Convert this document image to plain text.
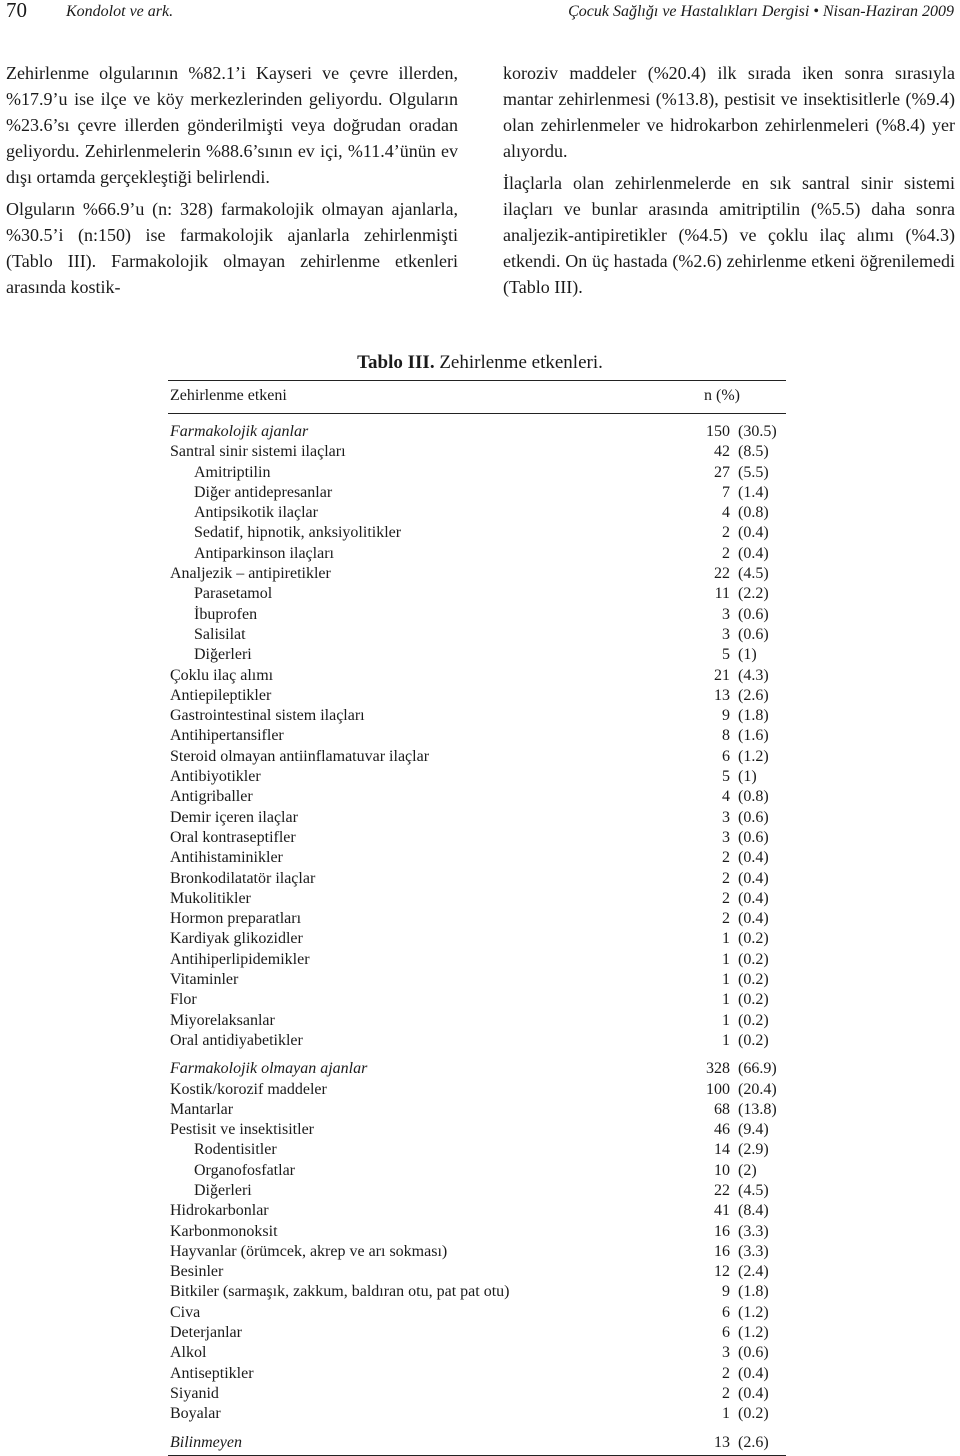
70 Kondolot ve ark.	Çocuk Sağlığı ve Hastalıkları Dergisi • Nisan-Haziran 2009

Zehirlenme olgularının %82.1’i Kayseri ve çevre illerden, %17.9’u ise ilçe ve köy merkezlerinden geliyordu. Olguların %23.6’sı çevre illerden gönderilmişti veya doğrudan oradan geliyordu. Zehirlenmelerin %88.6’sının ev içi, %11.4’ünün ev dışı ortamda gerçekleştiği belirlendi.

Olguların %66.9’u (n: 328) farmakolojik olmayan ajanlarla, %30.5’i (n:150) ise farmakolojik ajanlarla zehirlenmişti (Tablo III). Farmakolojik olmayan zehirlenme etkenleri arasında kostik-

koroziv maddeler (%20.4) ilk sırada iken sonra sırasıyla mantar zehirlenmesi (%13.8), pestisit ve insektisitlerle (%9.4) olan zehirlenmeler ve hidrokarbon zehirlenmeleri (%8.4) yer alıyordu.

İlaçlarla olan zehirlenmelerde en sık santral sinir sistemi ilaçları ve bunlar arasında amitriptilin (%5.5) daha sonra analjezik-antipiretikler (%4.5) ve çoklu ilaç alımı (%4.3) etkendi. On üç hastada (%2.6) zehirlenme etkeni öğrenilemedi (Tablo III).

Tablo III. Zehirlenme etkenleri.
Zehirlenme etkeni	n (%)
Farmakolojik ajanlar	150 (30.5)
Santral sinir sistemi ilaçları	42 (8.5)
Amitriptilin	27 (5.5)
Diğer antidepresanlar	7 (1.4)
Antipsikotik ilaçlar	4 (0.8)
Sedatif, hipnotik, anksiyolitikler	2 (0.4)
Antiparkinson ilaçları	2 (0.4)
Analjezik – antipiretikler	22 (4.5)
Parasetamol	11 (2.2)
İbuprofen	3 (0.6)
Salisilat	3 (0.6)
Diğerleri	5 (1)
Çoklu ilaç alımı	21 (4.3)
Antiepileptikler	13 (2.6)
Gastrointestinal sistem ilaçları	9 (1.8)
Antihipertansifler	8 (1.6)
Steroid olmayan antiinflamatuvar ilaçlar	6 (1.2)
Antibiyotikler	5 (1)
Antigriballer	4 (0.8)
Demir içeren ilaçlar	3 (0.6)
Oral kontraseptifler	3 (0.6)
Antihistaminikler	2 (0.4)
Bronkodilatatör ilaçlar	2 (0.4)
Mukolitikler	2 (0.4)
Hormon preparatları	2 (0.4)
Kardiyak glikozidler	1 (0.2)
Antihiperlipidemikler	1 (0.2)
Vitaminler	1 (0.2)
Flor	1 (0.2)
Miyorelaksanlar	1 (0.2)
Oral antidiyabetikler	1 (0.2)
Farmakolojik olmayan ajanlar	328 (66.9)
Kostik/korozif maddeler	100 (20.4)
Mantarlar	68 (13.8)
Pestisit ve insektisitler	46 (9.4)
Rodentisitler	14 (2.9)
Organofosfatlar	10 (2)
Diğerleri	22 (4.5)
Hidrokarbonlar	41 (8.4)
Karbonmonoksit	16 (3.3)
Hayvanlar (örümcek, akrep ve arı sokması)	16 (3.3)
Besinler	12 (2.4)
Bitkiler (sarmaşık, zakkum, baldıran otu, pat pat otu)	9 (1.8)
Civa	6 (1.2)
Deterjanlar	6 (1.2)
Alkol	3 (0.6)
Antiseptikler	2 (0.4)
Siyanid	2 (0.4)
Boyalar	1 (0.2)
Bilinmeyen	13 (2.6)
